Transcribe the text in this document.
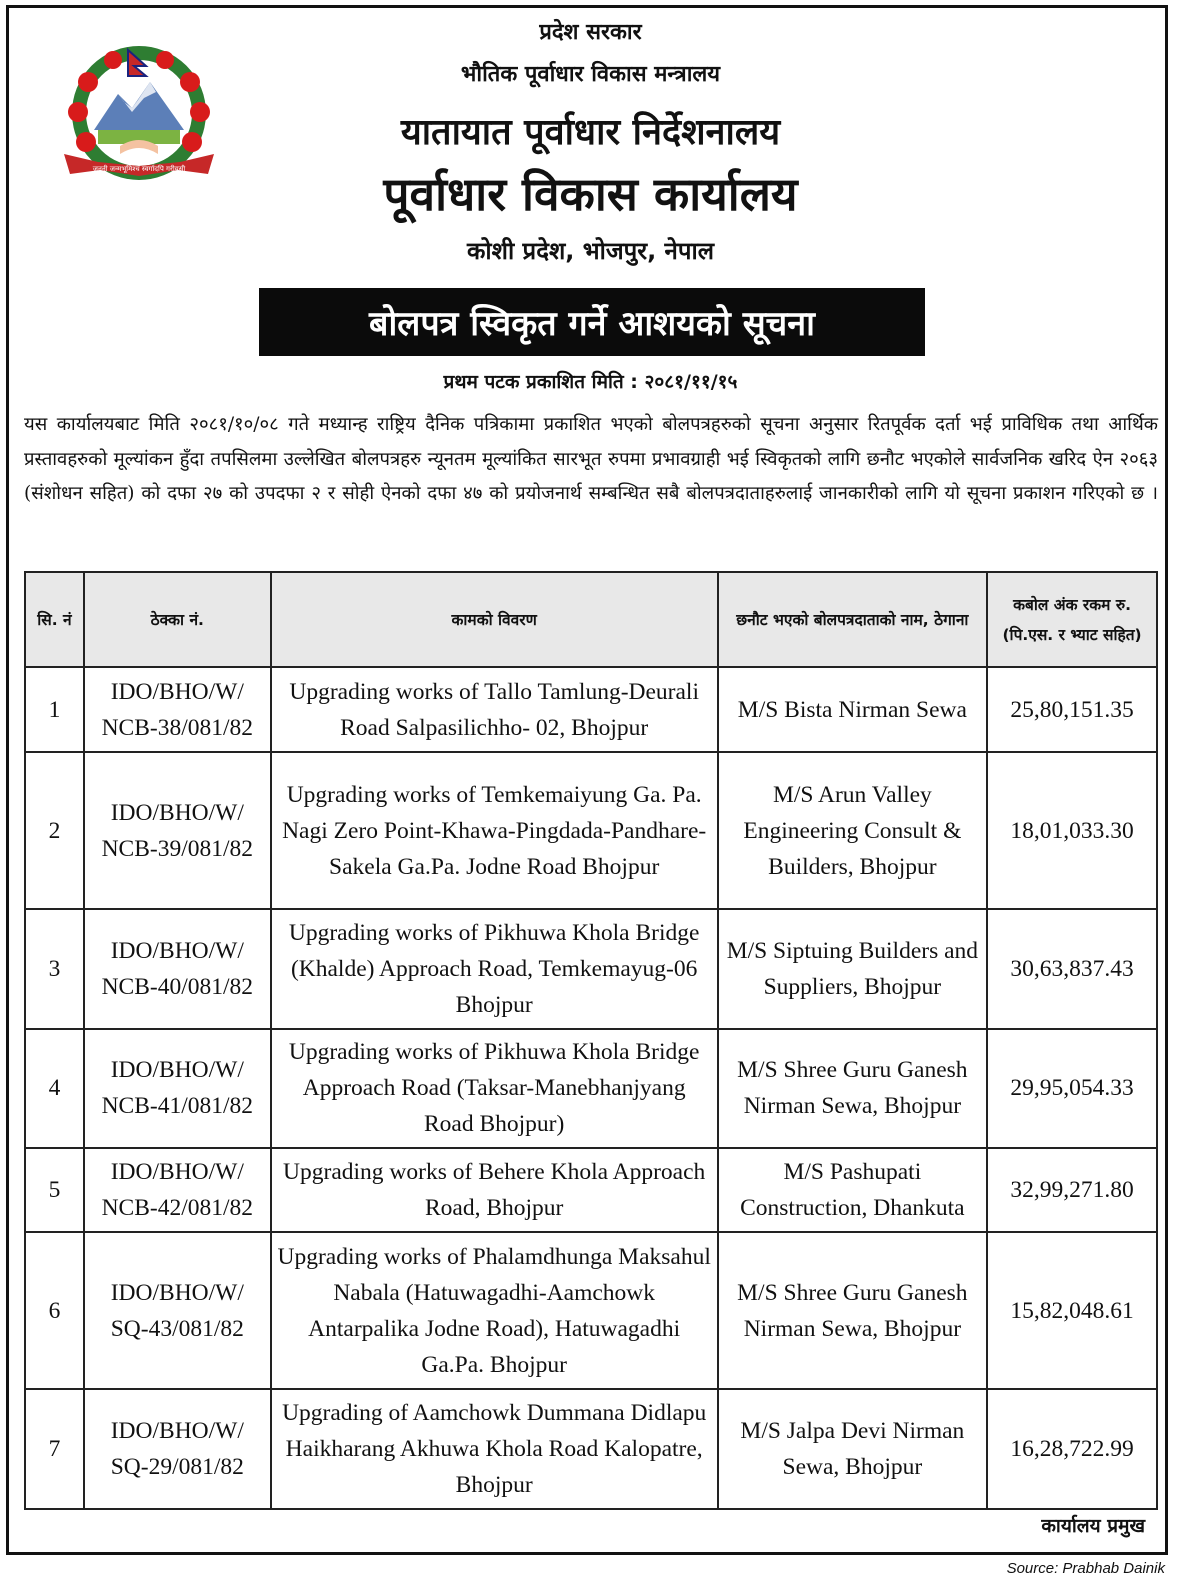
जननी जन्मभूमिश्च स्वर्गादपि गरीयसी
प्रदेश सरकार
भौतिक पूर्वाधार विकास मन्त्रालय
यातायात पूर्वाधार निर्देशनालय
पूर्वाधार विकास कार्यालय
कोशी प्रदेश, भोजपुर, नेपाल
बोलपत्र स्विकृत गर्ने आशयको सूचना
प्रथम पटक प्रकाशित मिति : २०८१/११/१५
यस कार्यालयबाट मिति २०८१/१०/०८ गते मध्यान्ह राष्ट्रिय दैनिक पत्रिकामा प्रकाशित भएको बोलपत्रहरुको सूचना अनुसार रितपूर्वक दर्ता भई प्राविधिक तथा आर्थिक प्रस्तावहरुको मूल्यांकन हुँदा तपसिलमा उल्लेखित बोलपत्रहरु न्यूनतम मूल्यांकित सारभूत रुपमा प्रभावग्राही भई स्विकृतको लागि छनौट भएकोले सार्वजनिक खरिद ऐन २०६३ (संशोधन सहित) को दफा २७ को उपदफा २ र सोही ऐनको दफा ४७ को प्रयोजनार्थ सम्बन्धित सबै बोलपत्रदाताहरुलाई जानकारीको लागि यो सूचना प्रकाशन गरिएको छ ।
सि. नं	ठेक्का नं.	कामको विवरण	छनौट भएको बोलपत्रदाताको नाम, ठेगाना	कबोल अंक रकम रु. (पि.एस. र भ्याट सहित)
1	IDO/BHO/W/ NCB-38/081/82	Upgrading works of Tallo Tamlung-Deurali Road Salpasilichho- 02, Bhojpur	M/S Bista Nirman Sewa	25,80,151.35
2	IDO/BHO/W/ NCB-39/081/82	Upgrading works of Temkemaiyung Ga. Pa. Nagi Zero Point-Khawa-Pingdada-Pandhare-Sakela Ga.Pa. Jodne Road Bhojpur	M/S Arun Valley Engineering Consult & Builders, Bhojpur	18,01,033.30
3	IDO/BHO/W/ NCB-40/081/82	Upgrading works of Pikhuwa Khola Bridge (Khalde) Approach Road, Temkemayug-06 Bhojpur	M/S Siptuing Builders and Suppliers, Bhojpur	30,63,837.43
4	IDO/BHO/W/ NCB-41/081/82	Upgrading works of Pikhuwa Khola Bridge Approach Road (Taksar-Manebhanjyang Road Bhojpur)	M/S Shree Guru Ganesh Nirman Sewa, Bhojpur	29,95,054.33
5	IDO/BHO/W/ NCB-42/081/82	Upgrading works of Behere Khola Approach Road, Bhojpur	M/S Pashupati Construction, Dhankuta	32,99,271.80
6	IDO/BHO/W/ SQ-43/081/82	Upgrading works of Phalamdhunga Maksahul Nabala (Hatuwagadhi-Aamchowk Antarpalika Jodne Road), Hatuwagadhi Ga.Pa. Bhojpur	M/S Shree Guru Ganesh Nirman Sewa, Bhojpur	15,82,048.61
7	IDO/BHO/W/ SQ-29/081/82	Upgrading of Aamchowk Dummana Didlapu Haikharang Akhuwa Khola Road Kalopatre, Bhojpur	M/S Jalpa Devi Nirman Sewa, Bhojpur	16,28,722.99
कार्यालय प्रमुख
Source: Prabhab Dainik
